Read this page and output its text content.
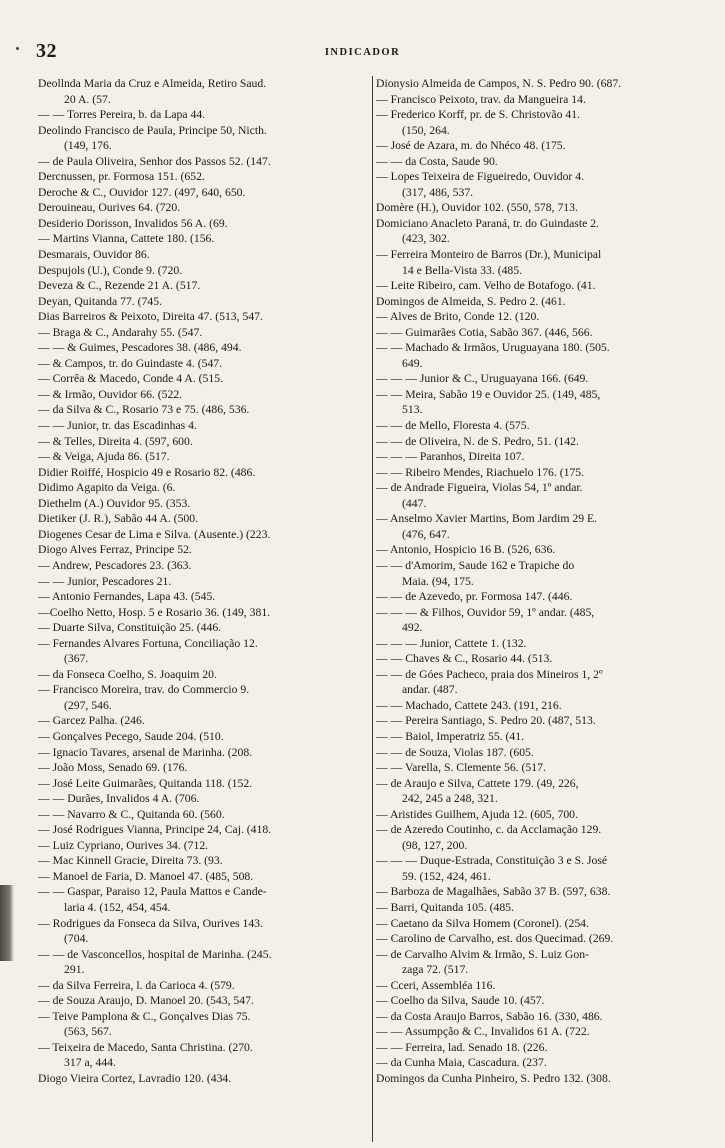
32	INDICADOR
Deollnda Maria da Cruz e Almeida, Retiro Saud.
20 A. (57.
— — Torres Pereira, b. da Lapa 44.
Deolindo Francisco de Paula, Principe 50, Nicth.
(149, 176.
— de Paula Oliveira, Senhor dos Passos 52. (147.
Dercnussen, pr. Formosa 151. (652.
Deroche & C., Ouvidor 127. (497, 640, 650.
Derouineau, Ourives 64. (720.
Desiderio Dorisson, Invalidos 56 A. (69.
— Martins Vianna, Cattete 180. (156.
Desmarais, Ouvidor 86.
Despujols (U.), Conde 9. (720.
Deveza & C., Rezende 21 A. (517.
Deyan, Quitanda 77. (745.
Dias Barreiros & Peixoto, Direita 47. (513, 547.
— Braga & C., Andarahy 55. (547.
— — & Guimes, Pescadores 38. (486, 494.
— & Campos, tr. do Guindaste 4. (547.
— Corrêa & Macedo, Conde 4 A. (515.
— & Irmão, Ouvidor 66. (522.
— da Silva & C., Rosario 73 e 75. (486, 536.
— — Junior, tr. das Escadinhas 4.
— & Telles, Direita 4. (597, 600.
— & Veiga, Ajuda 86. (517.
Didier Roiffé, Hospicio 49 e Rosario 82. (486.
Didimo Agapito da Veiga. (6.
Diethelm (A.) Ouvidor 95. (353.
Dietiker (J. R.), Sabão 44 A. (500.
Diogenes Cesar de Lima e Silva. (Ausente.) (223.
Diogo Alves Ferraz, Principe 52.
— Andrew, Pescadores 23. (363.
— — Junior, Pescadores 21.
— Antonio Fernandes, Lapa 43. (545.
—Coelho Netto, Hosp. 5 e Rosario 36. (149, 381.
— Duarte Silva, Constituição 25. (446.
— Fernandes Alvares Fortuna, Conciliação 12.
(367.
— da Fonseca Coelho, S. Joaquim 20.
— Francisco Moreira, trav. do Commercio 9.
(297, 546.
— Garcez Palha. (246.
— Gonçalves Pecego, Saude 204. (510.
— Ignacio Tavares, arsenal de Marinha. (208.
— João Moss, Senado 69. (176.
— José Leite Guimarães, Quitanda 118. (152.
— — Durães, Invalidos 4 A. (706.
— — Navarro & C., Quitanda 60. (560.
— José Rodrigues Vianna, Principe 24, Caj. (418.
— Luiz Cypriano, Ourives 34. (712.
— Mac Kinnell Gracie, Direita 73. (93.
— Manoel de Faria, D. Manoel 47. (485, 508.
— — Gaspar, Paraiso 12, Paula Mattos e Cande-
laria 4. (152, 454, 454.
— Rodrigues da Fonseca da Silva, Ourives 143.
(704.
— — de Vasconcellos, hospital de Marinha. (245.
291.
— da Silva Ferreira, l. da Carioca 4. (579.
— de Souza Araujo, D. Manoel 20. (543, 547.
— Teive Pamplona & C., Gonçalves Dias 75.
(563, 567.
— Teixeira de Macedo, Santa Christina. (270.
317 a, 444.
Diogo Vieira Cortez, Lavradio 120. (434.
Dionysio Almeida de Campos, N. S. Pedro 90. (687.
— Francisco Peixoto, trav. da Mangueira 14.
— Frederico Korff, pr. de S. Christovão 41.
(150, 264.
— José de Azara, m. do Nhéco 48. (175.
— — da Costa, Saude 90.
— Lopes Teixeira de Figueiredo, Ouvidor 4.
(317, 486, 537.
Domère (H.), Ouvidor 102. (550, 578, 713.
Domiciano Anacleto Paraná, tr. do Guindaste 2.
(423, 302.
— Ferreira Monteiro de Barros (Dr.), Municipal
14 e Bella-Vista 33. (485.
— Leite Ribeiro, cam. Velho de Botafogo. (41.
Domingos de Almeida, S. Pedro 2. (461.
— Alves de Brito, Conde 12. (120.
— — Guimarães Cotia, Sabão 367. (446, 566.
— — Machado & Irmãos, Uruguayana 180. (505.
649.
— — — Junior & C., Uruguayana 166. (649.
— — Meira, Sabão 19 e Ouvidor 25. (149, 485,
513.
— — de Mello, Floresta 4. (575.
— — de Oliveira, N. de S. Pedro, 51. (142.
— — — Paranhos, Direita 107.
— — Ribeiro Mendes, Riachuelo 176. (175.
— de Andrade Figueira, Violas 54, 1º andar.
(447.
— Anselmo Xavier Martins, Bom Jardim 29 E.
(476, 647.
— Antonio, Hospicio 16 B. (526, 636.
— — d'Amorim, Saude 162 e Trapiche do
Maia. (94, 175.
— — de Azevedo, pr. Formosa 147. (446.
— — — & Filhos, Ouvidor 59, 1º andar. (485,
492.
— — — Junior, Cattete 1. (132.
— — Chaves & C., Rosario 44. (513.
— — de Góes Pacheco, praia dos Mineiros 1, 2º
andar. (487.
— — Machado, Cattete 243. (191, 216.
— — Pereira Santiago, S. Pedro 20. (487, 513.
— — Baiol, Imperatriz 55. (41.
— — de Souza, Violas 187. (605.
— — Varella, S. Clemente 56. (517.
— de Araujo e Silva, Cattete 179. (49, 226,
242, 245 a 248, 321.
— Aristides Guilhem, Ajuda 12. (605, 700.
— de Azeredo Coutinho, c. da Acclamação 129.
(98, 127, 200.
— — — Duque-Estrada, Constituição 3 e S. José
59. (152, 424, 461.
— Barboza de Magalhães, Sabão 37 B. (597, 638.
— Barri, Quitanda 105. (485.
— Caetano da Silva Homem (Coronel). (254.
— Carolino de Carvalho, est. dos Quecimad. (269.
— de Carvalho Alvim & Irmão, S. Luiz Gon-
zaga 72. (517.
— Cceri, Assembléa 116.
— Coelho da Silva, Saude 10. (457.
— da Costa Araujo Barros, Sabão 16. (330, 486.
— — Assumpção & C., Invalidos 61 A. (722.
— — Ferreira, lad. Senado 18. (226.
— da Cunha Maia, Cascadura. (237.
Domingos da Cunha Pinheiro, S. Pedro 132. (308.
